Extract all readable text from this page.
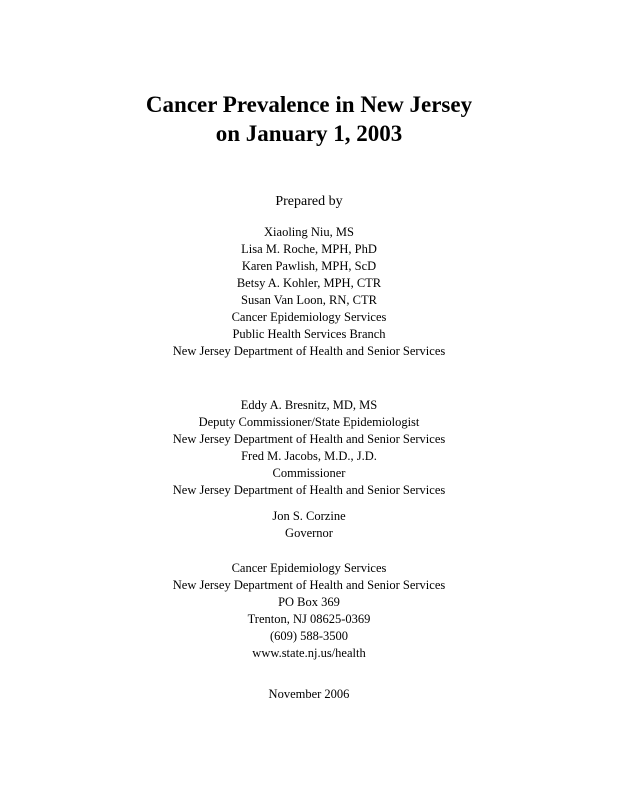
Cancer Prevalence in New Jersey
on January 1, 2003
Prepared by
Xiaoling Niu, MS
Lisa M. Roche, MPH, PhD
Karen Pawlish, MPH, ScD
Betsy A. Kohler, MPH, CTR
Susan Van Loon, RN, CTR
Cancer Epidemiology Services
Public Health Services Branch
New Jersey Department of Health and Senior Services
Eddy A. Bresnitz, MD, MS
Deputy Commissioner/State Epidemiologist
New Jersey Department of Health and Senior Services
Fred M. Jacobs, M.D., J.D.
Commissioner
New Jersey Department of Health and Senior Services
Jon S. Corzine
Governor
Cancer Epidemiology Services
New Jersey Department of Health and Senior Services
PO Box 369
Trenton, NJ 08625-0369
(609) 588-3500
www.state.nj.us/health
November 2006
